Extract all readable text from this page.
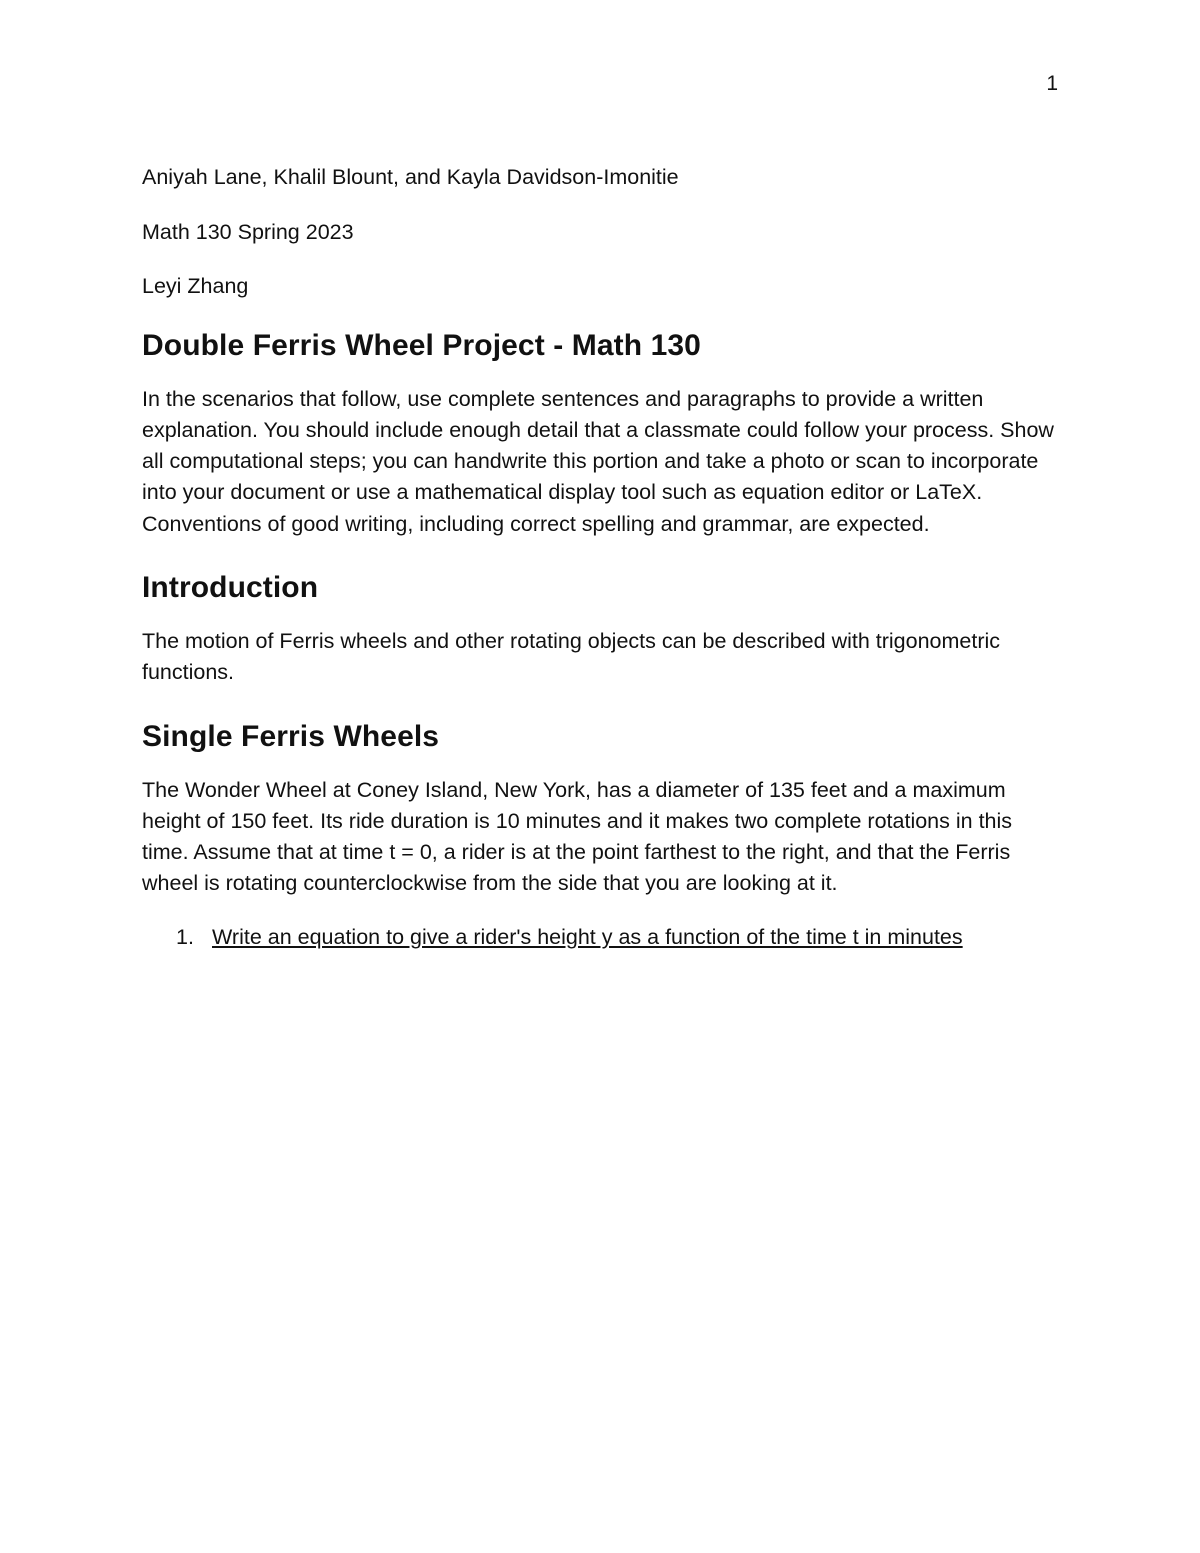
1

Aniyah Lane, Khalil Blount, and Kayla Davidson-Imonitie

Math 130 Spring 2023

Leyi Zhang

Double Ferris Wheel Project - Math 130

In the scenarios that follow, use complete sentences and paragraphs to provide a written explanation. You should include enough detail that a classmate could follow your process. Show all computational steps; you can handwrite this portion and take a photo or scan to incorporate into your document or use a mathematical display tool such as equation editor or LaTeX. Conventions of good writing, including correct spelling and grammar, are expected.

Introduction

The motion of Ferris wheels and other rotating objects can be described with trigonometric functions.

Single Ferris Wheels

The Wonder Wheel at Coney Island, New York, has a diameter of 135 feet and a maximum height of 150 feet. Its ride duration is 10 minutes and it makes two complete rotations in this time. Assume that at time t = 0, a rider is at the point farthest to the right, and that the Ferris wheel is rotating counterclockwise from the side that you are looking at it.

1. Write an equation to give a rider's height y as a function of the time t in minutes
